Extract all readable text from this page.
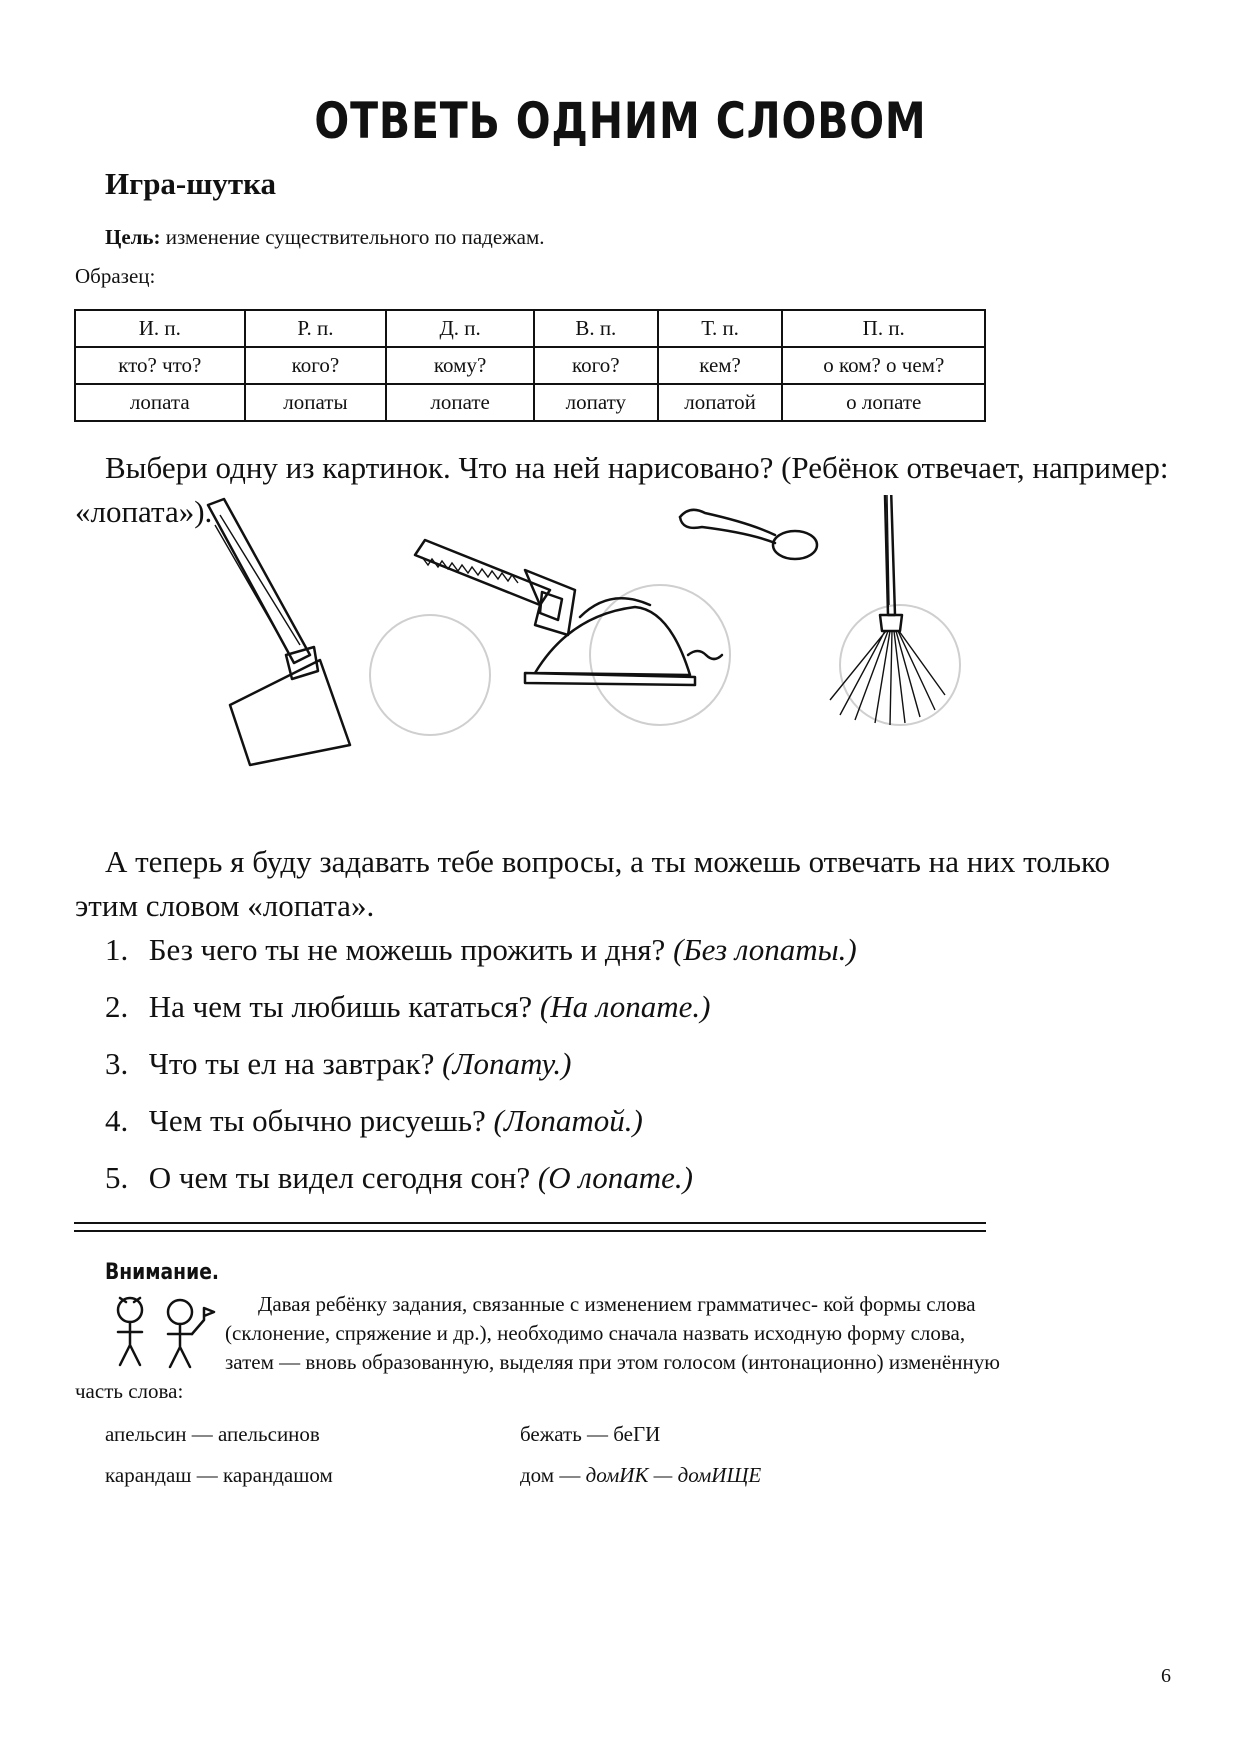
ОТВЕТЬ ОДНИМ СЛОВОМ
Игра-шутка
Цель: изменение существительного по падежам.
Образец:
И. п.	Р. п.	Д. п.	В. п.	Т. п.	П. п.
кто? что?	кого?	кому?	кого?	кем?	о ком? о чем?
лопата	лопаты	лопате	лопату	лопатой	о лопате
Выбери одну из картинок. Что на ней нарисовано? (Ребёнок отвечает, например: «лопата»).
А теперь я буду задавать тебе вопросы, а ты можешь отвечать на них только этим словом «лопата».
1. Без чего ты не можешь прожить и дня? (Без лопаты.)
2. На чем ты любишь кататься? (На лопате.)
3. Что ты ел на завтрак? (Лопату.)
4. Чем ты обычно рисуешь? (Лопатой.)
5. О чем ты видел сегодня сон? (О лопате.)
Внимание.
Давая ребёнку задания, связанные с изменением грамматичес- кой формы слова
(склонение, спряжение и др.), необходимо сначала назвать исходную форму слова,
затем — вновь образованную, выделяя при этом голосом (интонационно) изменённую
часть слова:
апельсин — апельсинов
карандаш — карандашом
бежать — беГИ
дом — домИК — домИЩЕ
6
